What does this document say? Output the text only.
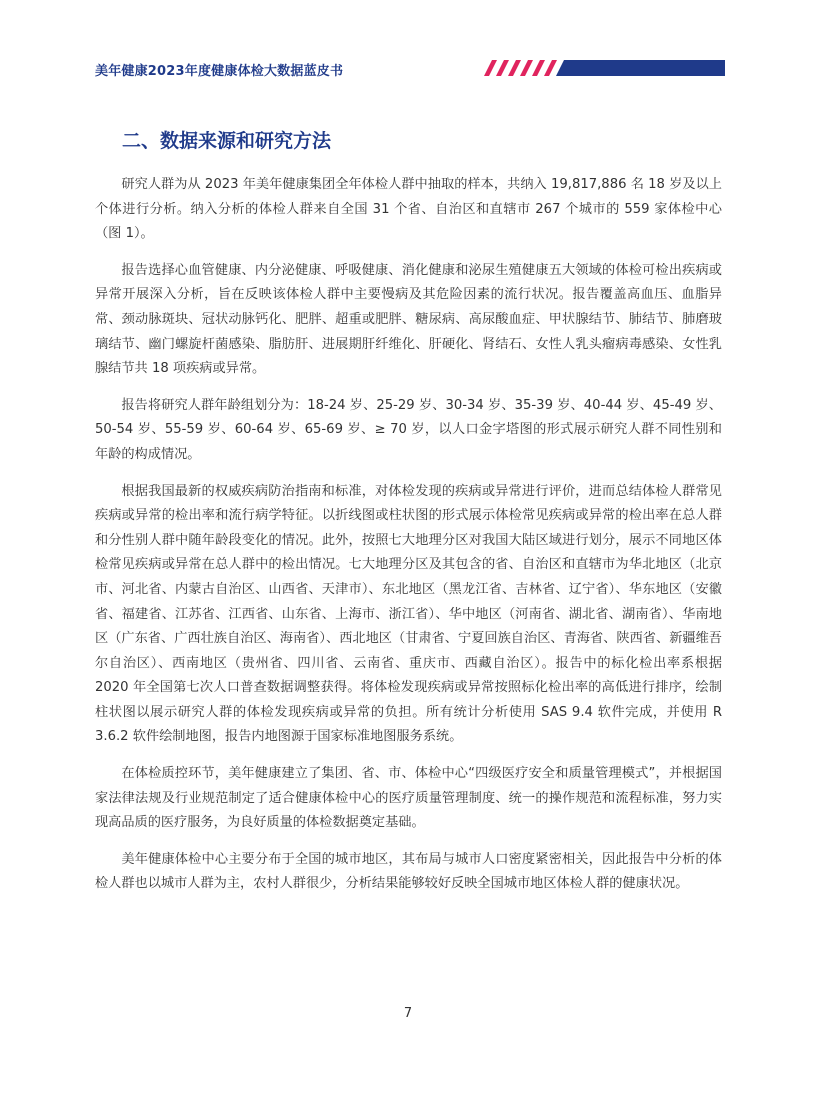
美年健康2023年度健康体检大数据蓝皮书
二、数据来源和研究方法

研究人群为从 2023 年美年健康集团全年体检人群中抽取的样本，共纳入 19,817,886 名 18 岁及以上个体进行分析。纳入分析的体检人群来自全国 31 个省、自治区和直辖市 267 个城市的 559 家体检中心（图 1）。

报告选择心血管健康、内分泌健康、呼吸健康、消化健康和泌尿生殖健康五大领域的体检可检出疾病或异常开展深入分析，旨在反映该体检人群中主要慢病及其危险因素的流行状况。报告覆盖高血压、血脂异常、颈动脉斑块、冠状动脉钙化、肥胖、超重或肥胖、糖尿病、高尿酸血症、甲状腺结节、肺结节、肺磨玻璃结节、幽门螺旋杆菌感染、脂肪肝、进展期肝纤维化、肝硬化、肾结石、女性人乳头瘤病毒感染、女性乳腺结节共 18 项疾病或异常。

报告将研究人群年龄组划分为：18-24 岁、25-29 岁、30-34 岁、35-39 岁、40-44 岁、45-49 岁、50-54 岁、55-59 岁、60-64 岁、65-69 岁、≥ 70 岁，以人口金字塔图的形式展示研究人群不同性别和年龄的构成情况。

根据我国最新的权威疾病防治指南和标准，对体检发现的疾病或异常进行评价，进而总结体检人群常见疾病或异常的检出率和流行病学特征。以折线图或柱状图的形式展示体检常见疾病或异常的检出率在总人群和分性别人群中随年龄段变化的情况。此外，按照七大地理分区对我国大陆区域进行划分，展示不同地区体检常见疾病或异常在总人群中的检出情况。七大地理分区及其包含的省、自治区和直辖市为华北地区（北京市、河北省、内蒙古自治区、山西省、天津市）、东北地区（黑龙江省、吉林省、辽宁省）、华东地区（安徽省、福建省、江苏省、江西省、山东省、上海市、浙江省）、华中地区（河南省、湖北省、湖南省）、华南地区（广东省、广西壮族自治区、海南省）、西北地区（甘肃省、宁夏回族自治区、青海省、陕西省、新疆维吾尔自治区）、西南地区（贵州省、四川省、云南省、重庆市、西藏自治区）。报告中的标化检出率系根据 2020 年全国第七次人口普查数据调整获得。将体检发现疾病或异常按照标化检出率的高低进行排序，绘制柱状图以展示研究人群的体检发现疾病或异常的负担。所有统计分析使用 SAS 9.4 软件完成，并使用 R 3.6.2 软件绘制地图，报告内地图源于国家标准地图服务系统。

在体检质控环节，美年健康建立了集团、省、市、体检中心“四级医疗安全和质量管理模式”，并根据国家法律法规及行业规范制定了适合健康体检中心的医疗质量管理制度、统一的操作规范和流程标准，努力实现高品质的医疗服务，为良好质量的体检数据奠定基础。

美年健康体检中心主要分布于全国的城市地区，其布局与城市人口密度紧密相关，因此报告中分析的体检人群也以城市人群为主，农村人群很少，分析结果能够较好反映全国城市地区体检人群的健康状况。

7
